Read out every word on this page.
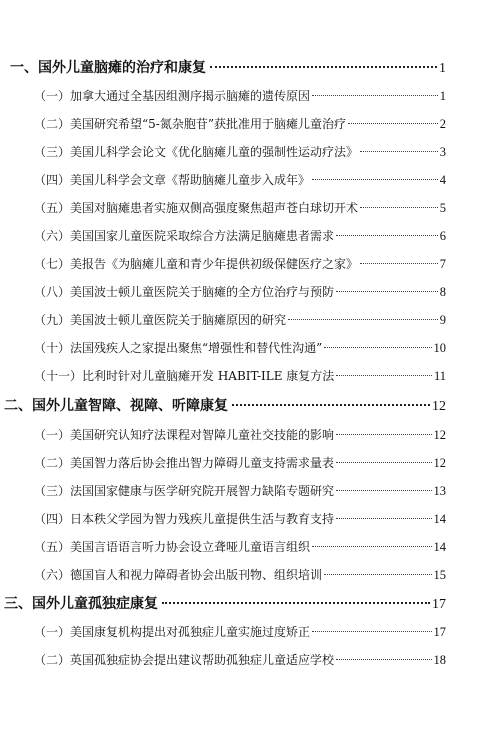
一、国外儿童脑瘫的治疗和康复	1
（一）加拿大通过全基因组测序揭示脑瘫的遗传原因	1
（二）美国研究希望“5-氮杂胞苷”获批准用于脑瘫儿童治疗	2
（三）美国儿科学会论文《优化脑瘫儿童的强制性运动疗法》	3
（四）美国儿科学会文章《帮助脑瘫儿童步入成年》	4
（五）美国对脑瘫患者实施双侧高强度聚焦超声苍白球切开术	5
（六）美国国家儿童医院采取综合方法满足脑瘫患者需求	6
（七）美报告《为脑瘫儿童和青少年提供初级保健医疗之家》	7
（八）美国波士顿儿童医院关于脑瘫的全方位治疗与预防	8
（九）美国波士顿儿童医院关于脑瘫原因的研究	9
（十）法国残疾人之家提出聚焦“增强性和替代性沟通”	10
（十一）比利时针对儿童脑瘫开发 HABIT-ILE 康复方法	11
二、国外儿童智障、视障、听障康复	12
（一）美国研究认知疗法课程对智障儿童社交技能的影响	12
（二）美国智力落后协会推出智力障碍儿童支持需求量表	12
（三）法国国家健康与医学研究院开展智力缺陷专题研究	13
（四）日本秩父学园为智力残疾儿童提供生活与教育支持	14
（五）美国言语语言听力协会设立聋哑儿童语言组织	14
（六）德国盲人和视力障碍者协会出版刊物、组织培训	15
三、国外儿童孤独症康复	17
（一）美国康复机构提出对孤独症儿童实施过度矫正	17
（二）英国孤独症协会提出建议帮助孤独症儿童适应学校	18
